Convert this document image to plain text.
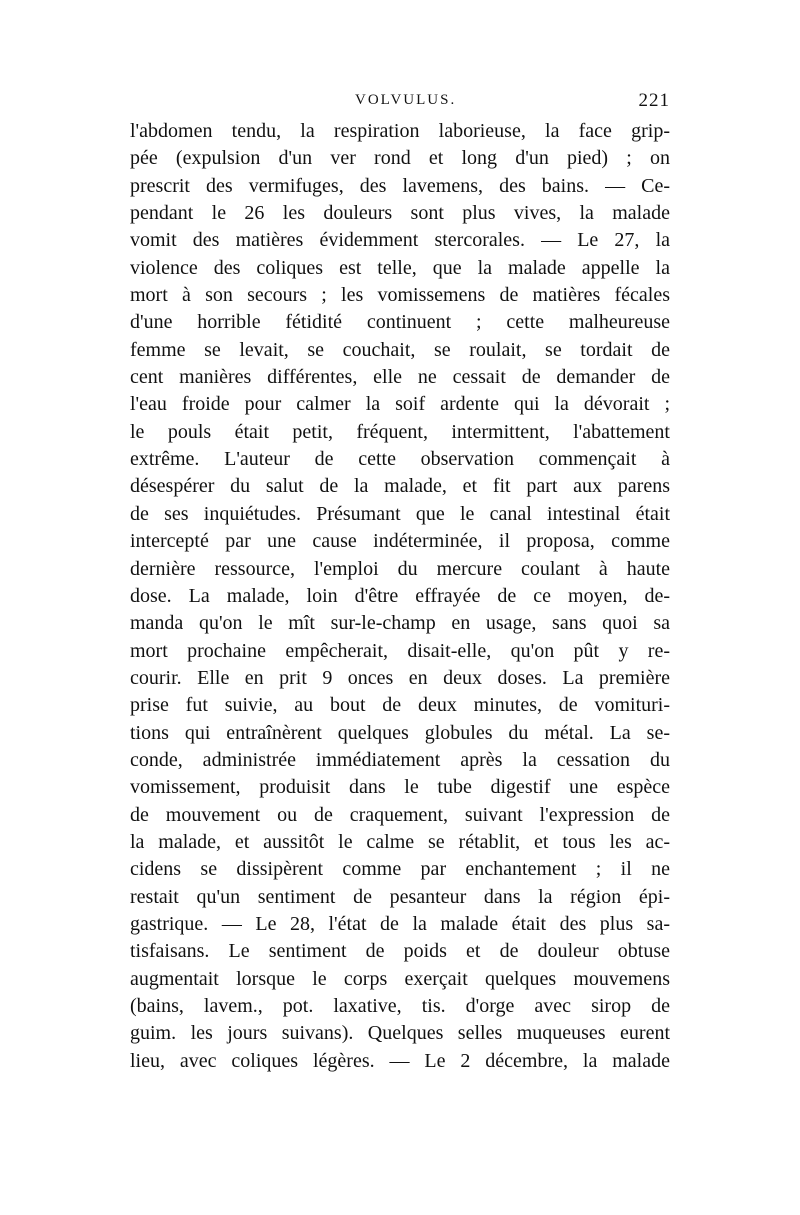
VOLVULUS.	221
l'abdomen tendu, la respiration laborieuse, la face grip-
pée (expulsion d'un ver rond et long d'un pied) ; on
prescrit des vermifuges, des lavemens, des bains. — Ce-
pendant le 26 les douleurs sont plus vives, la malade
vomit des matières évidemment stercorales. — Le 27, la
violence des coliques est telle, que la malade appelle la
mort à son secours ; les vomissemens de matières fécales
d'une horrible fétidité continuent ; cette malheureuse
femme se levait, se couchait, se roulait, se tordait de
cent manières différentes, elle ne cessait de demander de
l'eau froide pour calmer la soif ardente qui la dévorait ;
le pouls était petit, fréquent, intermittent, l'abattement
extrême. L'auteur de cette observation commençait à
désespérer du salut de la malade, et fit part aux parens
de ses inquiétudes. Présumant que le canal intestinal était
intercepté par une cause indéterminée, il proposa, comme
dernière ressource, l'emploi du mercure coulant à haute
dose. La malade, loin d'être effrayée de ce moyen, de-
manda qu'on le mît sur-le-champ en usage, sans quoi sa
mort prochaine empêcherait, disait-elle, qu'on pût y re-
courir. Elle en prit 9 onces en deux doses. La première
prise fut suivie, au bout de deux minutes, de vomituri-
tions qui entraînèrent quelques globules du métal. La se-
conde, administrée immédiatement après la cessation du
vomissement, produisit dans le tube digestif une espèce
de mouvement ou de craquement, suivant l'expression de
la malade, et aussitôt le calme se rétablit, et tous les ac-
cidens se dissipèrent comme par enchantement ; il ne
restait qu'un sentiment de pesanteur dans la région épi-
gastrique. — Le 28, l'état de la malade était des plus sa-
tisfaisans. Le sentiment de poids et de douleur obtuse
augmentait lorsque le corps exerçait quelques mouvemens
(bains, lavem., pot. laxative, tis. d'orge avec sirop de
guim. les jours suivans). Quelques selles muqueuses eurent
lieu, avec coliques légères. — Le 2 décembre, la malade
